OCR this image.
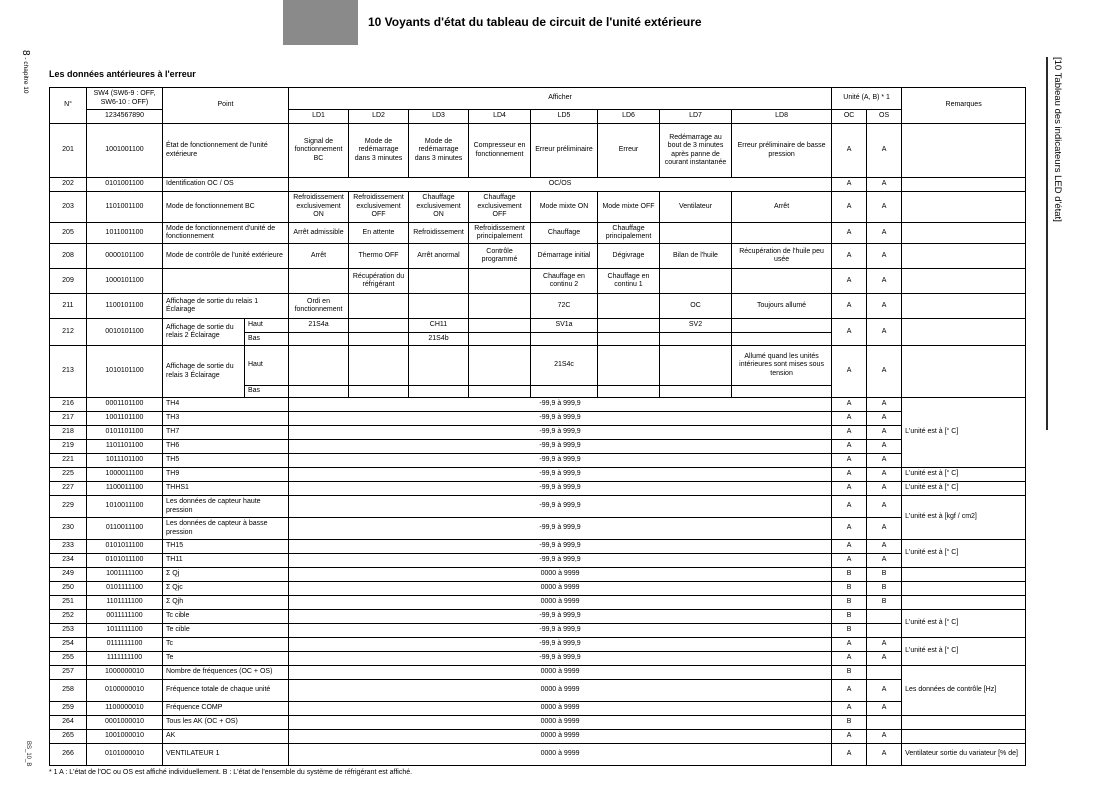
10 Voyants d'état du tableau de circuit de l'unité extérieure
8 - chapitre 10
BS_10_B
[10 Tableau des indicateurs LED d'état]
Les données antérieures à l'erreur
N°	SW4 (SW6-9 : OFF,
SW6-10 : OFF)	Point		Afficher								Unité (A, B) * 1		Remarques
	1234567890			LD1	LD2	LD3	LD4	LD5	LD6	LD7	LD8	OC	OS	
201	1001001100	État de fonctionnement de l'unité extérieure		Signal de fonctionnement BC	Mode de redémarrage dans 3 minutes	Mode de redémarrage dans 3 minutes	Compresseur en fonctionnement	Erreur préliminaire	Erreur	Redémarrage au bout de 3 minutes après panne de courant instantanée	Erreur préliminaire de basse pression	A	A	
202	0101001100	Identification OC / OS		OC/OS								A	A	
203	1101001100	Mode de fonctionnement BC		Refroidissement exclusivement ON	Refroidissement exclusivement OFF	Chauffage exclusivement ON	Chauffage exclusivement OFF	Mode mixte ON	Mode mixte OFF	Ventilateur	Arrêt	A	A	
205	1011001100	Mode de fonctionnement d'unité de fonctionnement		Arrêt admissible	En attente	Refroidissement	Refroidissement principalement	Chauffage	Chauffage principalement			A	A	
208	0000101100	Mode de contrôle de l'unité extérieure		Arrêt	Thermo OFF	Arrêt anormal	Contrôle programmé	Démarrage initial	Dégivrage	Bilan de l'huile	Récupération de l'huile peu usée	A	A	
209	1000101100				Récupération du réfrigérant			Chauffage en continu 2	Chauffage en continu 1			A	A	
211	1100101100	Affichage de sortie du relais 1 Éclairage		Ordi en fonctionnement				72C		OC	Toujours allumé	A	A	
212	0010101100	Affichage de sortie du relais 2 Éclairage	Haut	21S4a		CH11		SV1a		SV2		A	A	
			Bas			21S4b								
213	1010101100	Affichage de sortie du relais 3 Éclairage	Haut					21S4c			Allumé quand les unités intérieures sont mises sous tension	A	A	
			Bas											
216	0001101100	TH4		-99,9 à 999,9								A	A	L'unité est à [° C]
217	1001101100	TH3		-99,9 à 999,9								A	A	
218	0101101100	TH7		-99,9 à 999,9								A	A	
219	1101101100	TH6		-99,9 à 999,9								A	A	
221	1011101100	TH5		-99,9 à 999,9								A	A	
225	1000011100	TH9		-99,9 à 999,9								A	A	L'unité est à [° C]
227	1100011100	THHS1		-99,9 à 999,9								A	A	L'unité est à [° C]
229	1010011100	Les données de capteur haute pression		-99,9 à 999,9								A	A	L'unité est à [kgf / cm2]
230	0110011100	Les données de capteur à basse pression		-99,9 à 999,9								A	A	
233	0101011100	TH15		-99,9 à 999,9								A	A	L'unité est à [° C]
234	0101011100	TH11		-99,9 à 999,9								A	A	
249	1001111100	Σ Qj		0000 à 9999								B	B	
250	0101111100	Σ Qjc		0000 à 9999								B	B	
251	1101111100	Σ Qjh		0000 à 9999								B	B	
252	0011111100	Tc cible		-99,9 à 999,9								B		L'unité est à [° C]
253	1011111100	Te cible		-99,9 à 999,9								B		
254	0111111100	Tc		-99,9 à 999,9								A	A	L'unité est à [° C]
255	1111111100	Te		-99,9 à 999,9								A	A	
257	1000000010	Nombre de fréquences (OC + OS)		0000 à 9999								B		Les données de contrôle [Hz]
258	0100000010	Fréquence totale de chaque unité		0000 à 9999								A	A	
259	1100000010	Fréquence COMP		0000 à 9999								A	A	
264	0001000010	Tous les AK (OC + OS)		0000 à 9999								B		
265	1001000010	AK		0000 à 9999								A	A	
266	0101000010	VENTILATEUR 1		0000 à 9999								A	A	Ventilateur sortie du variateur [% de]
* 1 A : L'état de l'OC ou OS est affiché individuellement. B : L'état de l'ensemble du système de réfrigérant est affiché.
